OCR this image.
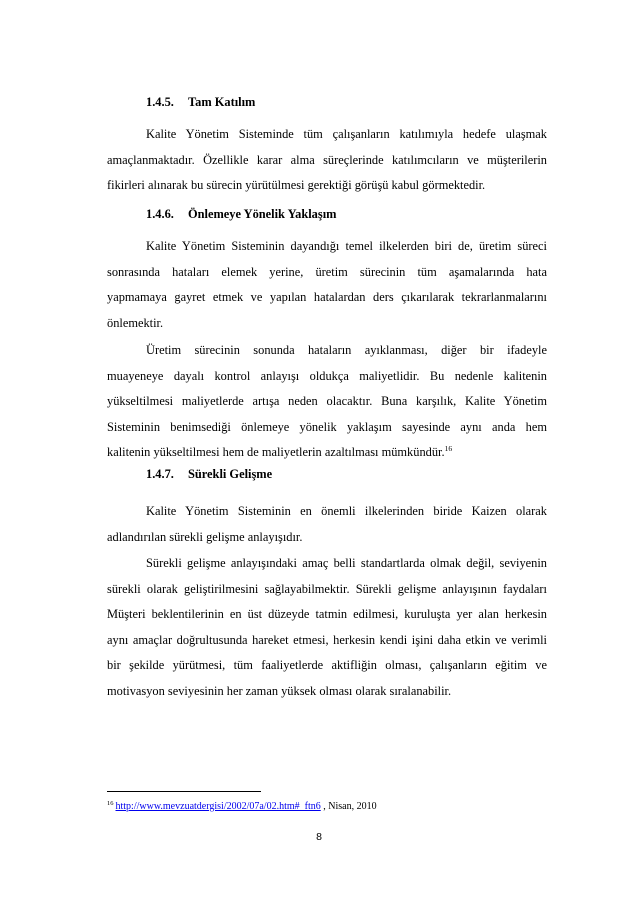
1.4.5. Tam Katılım
Kalite Yönetim Sisteminde tüm çalışanların katılımıyla hedefe ulaşmak
amaçlanmaktadır. Özellikle karar alma süreçlerinde katılımcıların ve müşterilerin
fikirleri alınarak bu sürecin yürütülmesi gerektiği görüşü kabul görmektedir.
1.4.6. Önlemeye Yönelik Yaklaşım
Kalite Yönetim Sisteminin dayandığı temel ilkelerden biri de, üretim süreci
sonrasında hataları elemek yerine, üretim sürecinin tüm aşamalarında hata
yapmamaya gayret etmek ve yapılan hatalardan ders çıkarılarak tekrarlanmalarını
önlemektir.
Üretim sürecinin sonunda hataların ayıklanması, diğer bir ifadeyle
muayeneye dayalı kontrol anlayışı oldukça maliyetlidir. Bu nedenle kalitenin
yükseltilmesi maliyetlerde artışa neden olacaktır. Buna karşılık, Kalite Yönetim
Sisteminin benimsediği önlemeye yönelik yaklaşım sayesinde aynı anda hem
kalitenin yükseltilmesi hem de maliyetlerin azaltılması mümkündür.$^{16}$
1.4.7. Sürekli Gelişme
Kalite Yönetim Sisteminin en önemli ilkelerinden biride Kaizen olarak
adlandırılan sürekli gelişme anlayışıdır.
Sürekli gelişme anlayışındaki amaç belli standartlarda olmak değil, seviyenin
sürekli olarak geliştirilmesini sağlayabilmektir. Sürekli gelişme anlayışının faydaları
Müşteri beklentilerinin en üst düzeyde tatmin edilmesi, kuruluşta yer alan herkesin
aynı amaçlar doğrultusunda hareket etmesi, herkesin kendi işini daha etkin ve verimli
bir şekilde yürütmesi, tüm faaliyetlerde aktifliğin olması, çalışanların eğitim ve
motivasyon seviyesinin her zaman yüksek olması olarak sıralanabilir.
$^{16}$ http://www.mevzuatdergisi/2002/07a/02.htm#_ftn6 , Nisan, 2010
8
